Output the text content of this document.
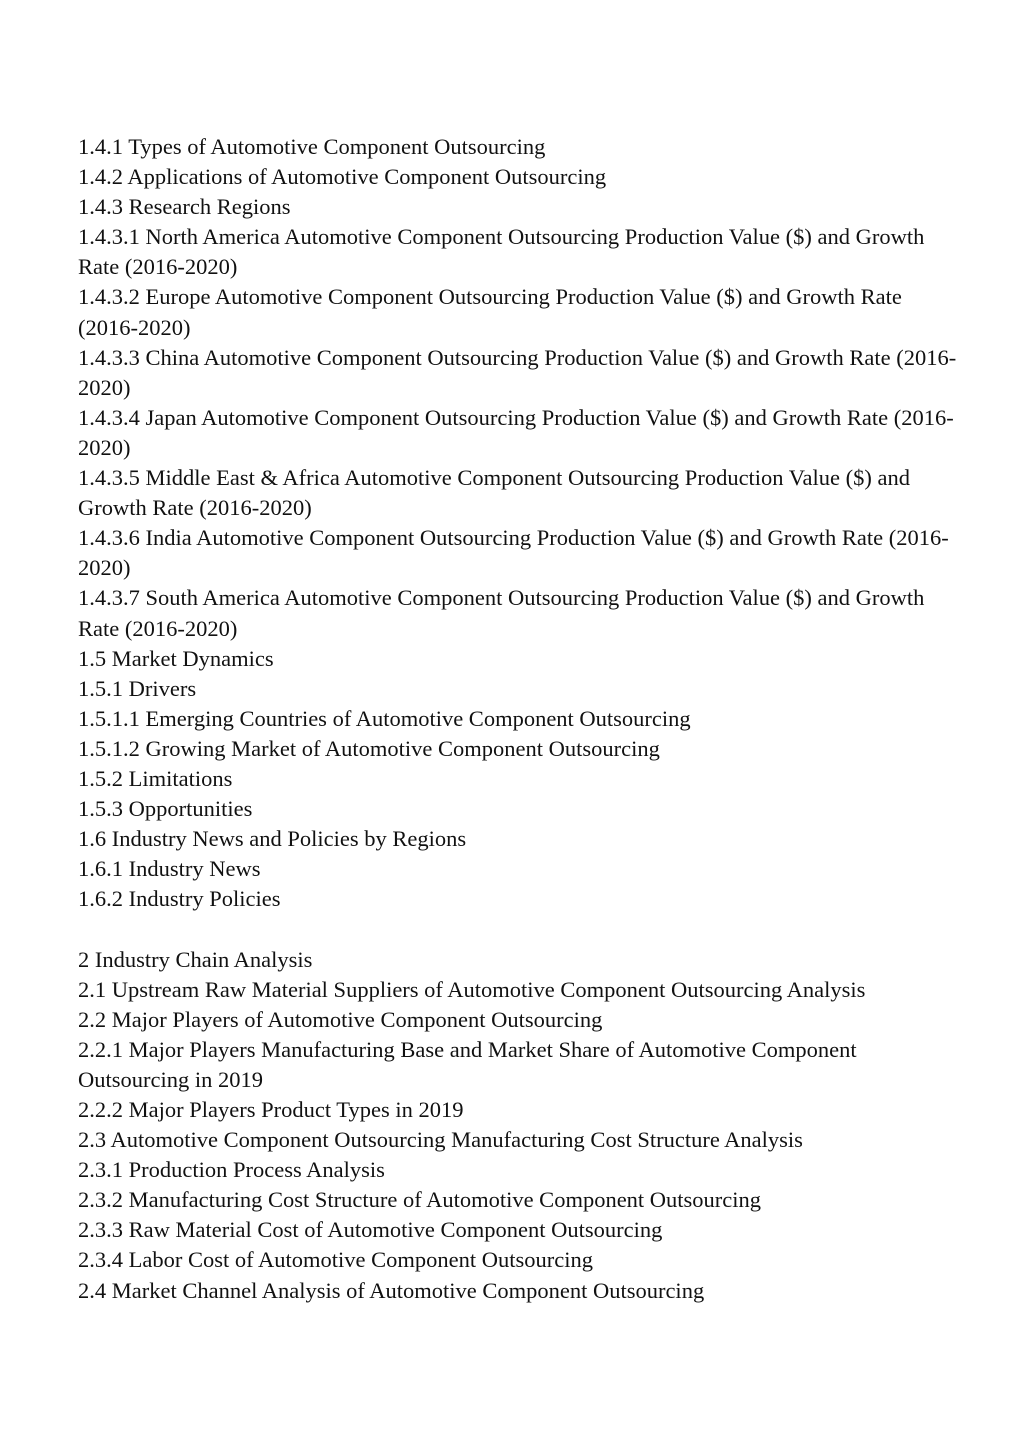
1.4.1 Types of Automotive Component Outsourcing
1.4.2 Applications of Automotive Component Outsourcing
1.4.3 Research Regions
1.4.3.1 North America Automotive Component Outsourcing Production Value ($) and Growth Rate (2016-2020)
1.4.3.2 Europe Automotive Component Outsourcing Production Value ($) and Growth Rate (2016-2020)
1.4.3.3 China Automotive Component Outsourcing Production Value ($) and Growth Rate (2016-2020)
1.4.3.4 Japan Automotive Component Outsourcing Production Value ($) and Growth Rate (2016-2020)
1.4.3.5 Middle East & Africa Automotive Component Outsourcing Production Value ($) and Growth Rate (2016-2020)
1.4.3.6 India Automotive Component Outsourcing Production Value ($) and Growth Rate (2016-2020)
1.4.3.7 South America Automotive Component Outsourcing Production Value ($) and Growth Rate (2016-2020)
1.5 Market Dynamics
1.5.1 Drivers
1.5.1.1 Emerging Countries of Automotive Component Outsourcing
1.5.1.2 Growing Market of Automotive Component Outsourcing
1.5.2 Limitations
1.5.3 Opportunities
1.6 Industry News and Policies by Regions
1.6.1 Industry News
1.6.2 Industry Policies
2 Industry Chain Analysis
2.1 Upstream Raw Material Suppliers of Automotive Component Outsourcing Analysis
2.2 Major Players of Automotive Component Outsourcing
2.2.1 Major Players Manufacturing Base and Market Share of Automotive Component Outsourcing in 2019
2.2.2 Major Players Product Types in 2019
2.3 Automotive Component Outsourcing Manufacturing Cost Structure Analysis
2.3.1 Production Process Analysis
2.3.2 Manufacturing Cost Structure of Automotive Component Outsourcing
2.3.3 Raw Material Cost of Automotive Component Outsourcing
2.3.4 Labor Cost of Automotive Component Outsourcing
2.4 Market Channel Analysis of Automotive Component Outsourcing
